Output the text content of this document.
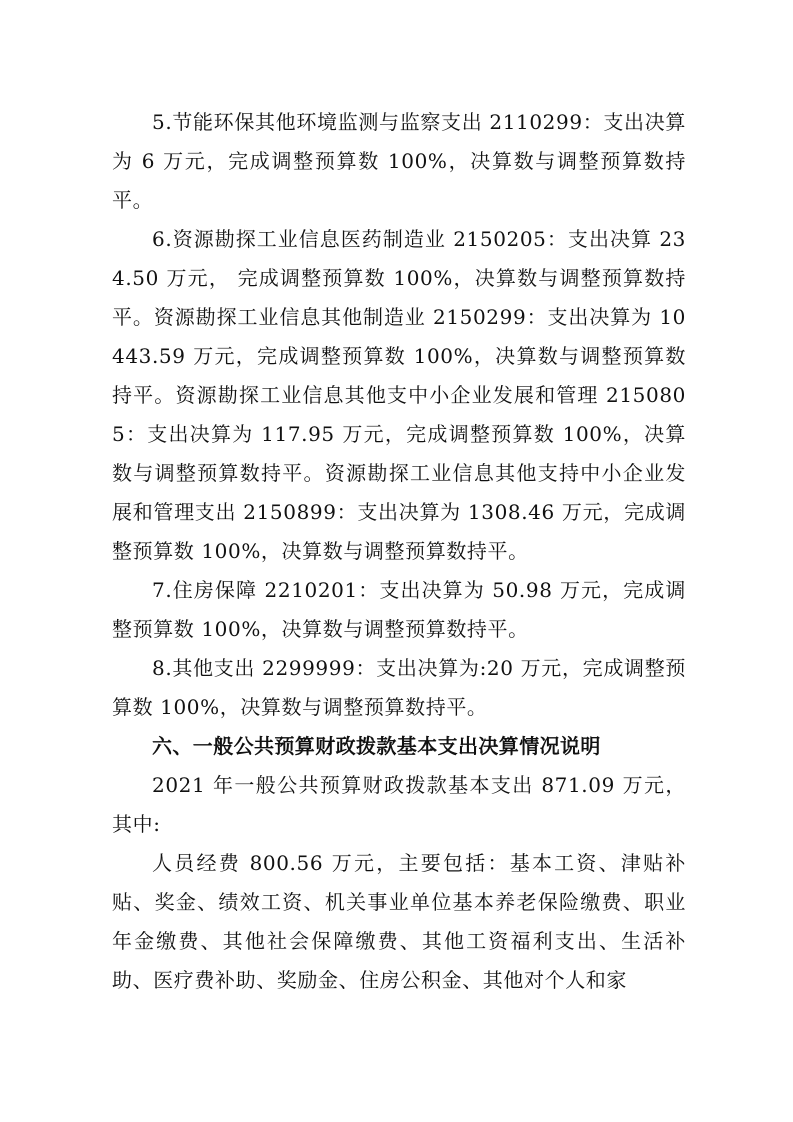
5.节能环保其他环境监测与监察支出 2110299：支出决算为 6 万元，完成调整预算数 100%，决算数与调整预算数持平。

6.资源勘探工业信息医药制造业 2150205：支出决算 234.50 万元， 完成调整预算数 100%，决算数与调整预算数持平。资源勘探工业信息其他制造业 2150299：支出决算为 10443.59 万元，完成调整预算数 100%，决算数与调整预算数持平。资源勘探工业信息其他支中小企业发展和管理 2150805：支出决算为 117.95 万元，完成调整预算数 100%，决算数与调整预算数持平。资源勘探工业信息其他支持中小企业发展和管理支出 2150899：支出决算为 1308.46 万元，完成调整预算数 100%，决算数与调整预算数持平。

7.住房保障 2210201：支出决算为 50.98 万元，完成调整预算数 100%，决算数与调整预算数持平。

8.其他支出 2299999：支出决算为:20 万元，完成调整预算数 100%，决算数与调整预算数持平。

六、一般公共预算财政拨款基本支出决算情况说明

2021 年一般公共预算财政拨款基本支出 871.09 万元，其中:

人员经费 800.56 万元，主要包括：基本工资、津贴补贴、奖金、绩效工资、机关事业单位基本养老保险缴费、职业年金缴费、其他社会保障缴费、其他工资福利支出、生活补助、医疗费补助、奖励金、住房公积金、其他对个人和家
